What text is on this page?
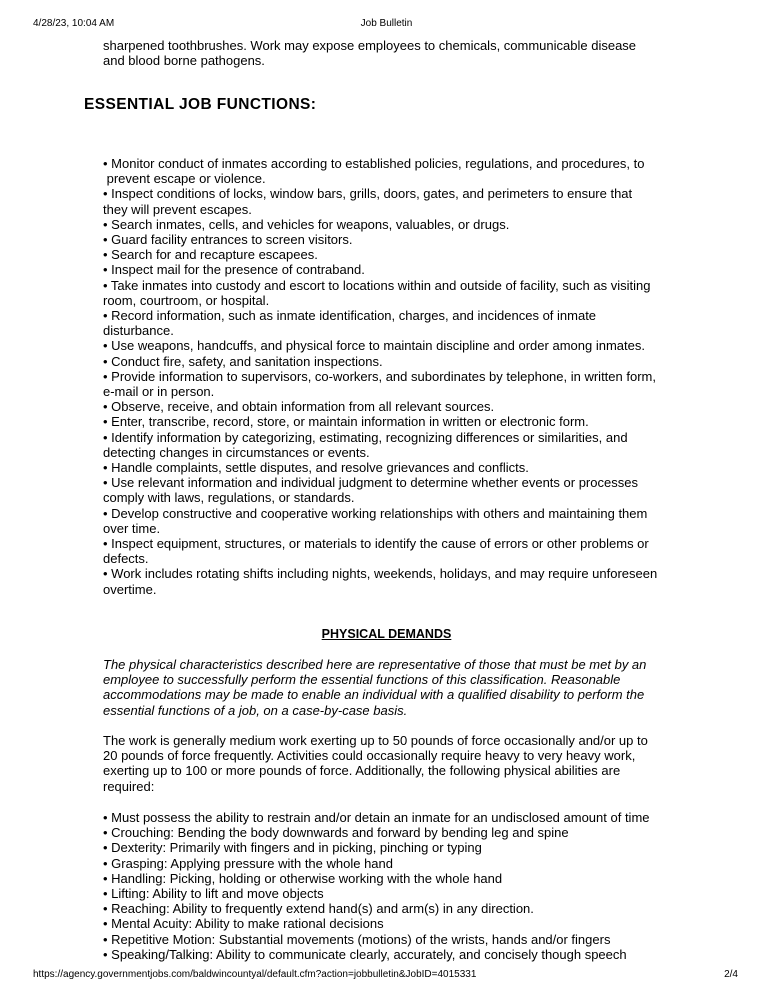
4/28/23, 10:04 AM	Job Bulletin

sharpened toothbrushes. Work may expose employees to chemicals, communicable disease

and blood borne pathogens.

ESSENTIAL JOB FUNCTIONS:

• Monitor conduct of inmates according to established policies, regulations, and procedures, to

prevent escape or violence.

• Inspect conditions of locks, window bars, grills, doors, gates, and perimeters to ensure that

they will prevent escapes.

• Search inmates, cells, and vehicles for weapons, valuables, or drugs.

• Guard facility entrances to screen visitors.

• Search for and recapture escapees.

• Inspect mail for the presence of contraband.

• Take inmates into custody and escort to locations within and outside of facility, such as visiting

room, courtroom, or hospital.

• Record information, such as inmate identification, charges, and incidences of inmate

disturbance.

• Use weapons, handcuffs, and physical force to maintain discipline and order among inmates.

• Conduct fire, safety, and sanitation inspections.

• Provide information to supervisors, co-workers, and subordinates by telephone, in written form,

e-mail or in person.

• Observe, receive, and obtain information from all relevant sources.

• Enter, transcribe, record, store, or maintain information in written or electronic form.

• Identify information by categorizing, estimating, recognizing differences or similarities, and

detecting changes in circumstances or events.

• Handle complaints, settle disputes, and resolve grievances and conflicts.

• Use relevant information and individual judgment to determine whether events or processes

comply with laws, regulations, or standards.

• Develop constructive and cooperative working relationships with others and maintaining them

over time.

• Inspect equipment, structures, or materials to identify the cause of errors or other problems or

defects.

• Work includes rotating shifts including nights, weekends, holidays, and may require unforeseen

overtime.

PHYSICAL DEMANDS
The physical characteristics described here are representative of those that must be met by an
employee to successfully perform the essential functions of this classification. Reasonable
accommodations may be made to enable an individual with a qualified disability to perform the
essential functions of a job, on a case-by-case basis.
The work is generally medium work exerting up to 50 pounds of force occasionally and/or up to
20 pounds of force frequently. Activities could occasionally require heavy to very heavy work,
exerting up to 100 or more pounds of force. Additionally, the following physical abilities are
required:

• Must possess the ability to restrain and/or detain an inmate for an undisclosed amount of time

• Crouching: Bending the body downwards and forward by bending leg and spine

• Dexterity: Primarily with fingers and in picking, pinching or typing

• Grasping: Applying pressure with the whole hand

• Handling: Picking, holding or otherwise working with the whole hand

• Lifting: Ability to lift and move objects

• Reaching: Ability to frequently extend hand(s) and arm(s) in any direction.

• Mental Acuity: Ability to make rational decisions

• Repetitive Motion: Substantial movements (motions) of the wrists, hands and/or fingers

• Speaking/Talking: Ability to communicate clearly, accurately, and concisely though speech

https://agency.governmentjobs.com/baldwincountyal/default.cfm?action=jobbulletin&JobID=4015331	2/4
